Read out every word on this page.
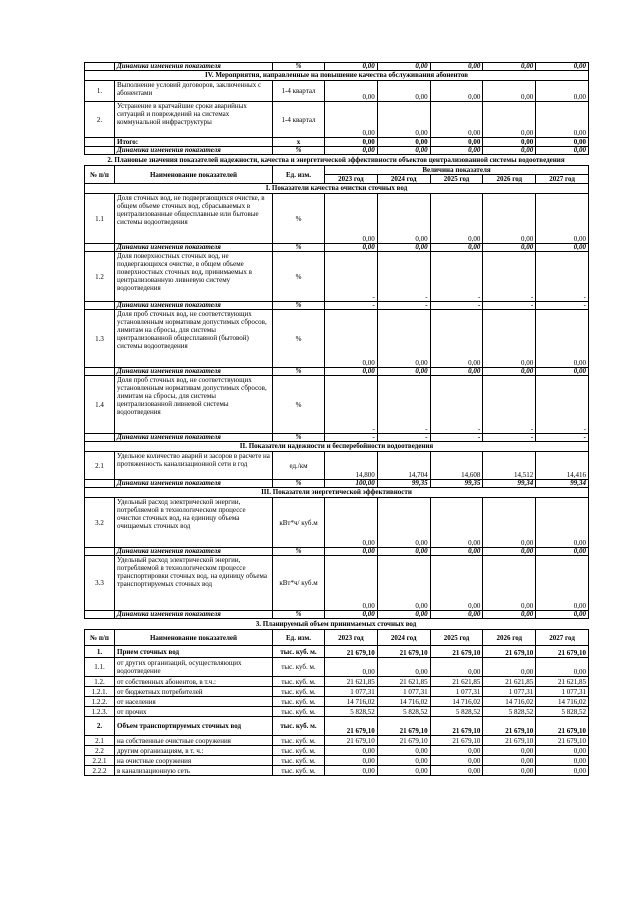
	Динамика изменения показателя	%	0,00	0,00	0,00	0,00	0,00
IV. Мероприятия, направленные на повышение качества обслуживания абонентов							
1.	Выполнение условий договоров, заключенных с абонентами	1-4 квартал	0,00	0,00	0,00	0,00	0,00
2.	Устранение в кратчайшие сроки аварийных ситуаций и повреждений на системах коммунальной инфраструктуры	1-4 квартал	0,00	0,00	0,00	0,00	0,00
	Итого:	х	0,00	0,00	0,00	0,00	0,00
	Динамика изменения показателя	%	0,00	0,00	0,00	0,00	0,00
2. Плановые значения показателей надежности, качества и энергетической эффективности объектов централизованной системы водоотведения
№ п/п	Наименование показателей	Ед. изм.	Величина показателя				
			2023 год	2024 год	2025 год	2026 год	2027 год
I. Показатели качества очистки сточных вод							
1.1	Доля сточных вод, не подвергающихся очистке, в общем объеме сточных вод, сбрасываемых в централизованные общесплавные или бытовые системы водоотведения	%	0,00	0,00	0,00	0,00	0,00
	Динамика изменения показателя	%	0,00	0,00	0,00	0,00	0,00
1.2	Доля поверхностных сточных вод, не подвергающихся очистке, в общем объеме поверхностных сточных вод, принимаемых в централизованную ливневую систему водоотведения	%	-	-	-	-	-
	Динамика изменения показателя	%	-	-	-	-	-
1.3	Доля проб сточных вод, не соответствующих установленным нормативам допустимых сбросов, лимитам на сбросы, для системы централизованной общесплавной (бытовой) системы водоотведения	%	0,00	0,00	0,00	0,00	0,00
	Динамика изменения показателя	%	0,00	0,00	0,00	0,00	0,00
1.4	Доля проб сточных вод, не соответствующих установленным нормативам допустимых сбросов, лимитам на сбросы, для системы централизованной ливневой системы водоотведения	%	-	-	-	-	-
	Динамика изменения показателя	%	-	-	-	-	-
II. Показатели надежности и бесперебойности водоотведения							
2.1	Удельное количество аварий и засоров в расчете на протяженность канализационной сети в год	ед./км	14,800	14,704	14,608	14,512	14,416
	Динамика изменения показателя	%	100,00	99,35	99,35	99,34	99,34
III. Показатели энергетической эффективности							
3.2	Удельный расход электрической энергии, потребляемой в технологическом процессе очистки сточных вод, на единицу объема очищаемых сточных вод	кВт*ч/ куб.м	0,00	0,00	0,00	0,00	0,00
	Динамика изменения показателя	%	0,00	0,00	0,00	0,00	0,00
3.3	Удельный расход электрической энергии, потребляемой в технологическом процессе транспортировки сточных вод, на единицу объема транспортируемых сточных вод	кВт*ч/ куб.м	0,00	0,00	0,00	0,00	0,00
	Динамика изменения показателя	%	0,00	0,00	0,00	0,00	0,00
3. Планируемый объем принимаемых сточных вод
№ п/п	Наименование показателей	Ед. изм.	2023 год	2024 год	2025 год	2026 год	2027 год
1.	Прием сточных вод	тыс. куб. м.	21 679,10	21 679,10	21 679,10	21 679,10	21 679,10
1.1.	от других организаций, осуществляющих водоотведение	тыс. куб. м.	0,00	0,00	0,00	0,00	0,00
1.2.	от собственных абонентов, в т.ч.:	тыс. куб. м.	21 621,85	21 621,85	21 621,85	21 621,85	21 621,85
1.2.1.	от бюджетных потребителей	тыс. куб. м.	1 077,31	1 077,31	1 077,31	1 077,31	1 077,31
1.2.2.	от населения	тыс. куб. м.	14 716,02	14 716,02	14 716,02	14 716,02	14 716,02
1.2.3.	от прочих	тыс. куб. м.	5 828,52	5 828,52	5 828,52	5 828,52	5 828,52
2.	Объем транспортируемых сточных вод	тыс. куб. м.	21 679,10	21 679,10	21 679,10	21 679,10	21 679,10
2.1	на собственные очистные сооружения	тыс. куб. м.	21 679,10	21 679,10	21 679,10	21 679,10	21 679,10
2.2	другим организациям, в т. ч.:	тыс. куб. м.	0,00	0,00	0,00	0,00	0,00
2.2.1	на очистные сооружения	тыс. куб. м.	0,00	0,00	0,00	0,00	0,00
2.2.2	в канализационную сеть	тыс. куб. м.	0,00	0,00	0,00	0,00	0,00
